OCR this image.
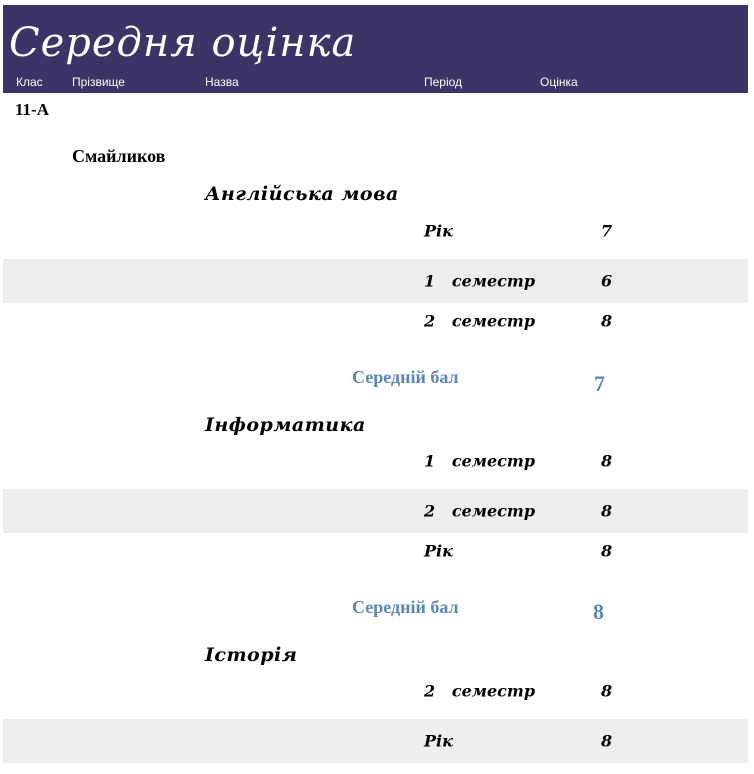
Середня оцінка
Клас Прізвище	Назва	Період	Оцінка
11-А
Смайликов
Англійська мова
Рік	7
1   семестр	6
2   семестр	8
Середній бал	7
Інформатика
1   семестр	8
2   семестр	8
Рік	8
Середній бал	8
Історія
2   семестр	8
Рік	8
